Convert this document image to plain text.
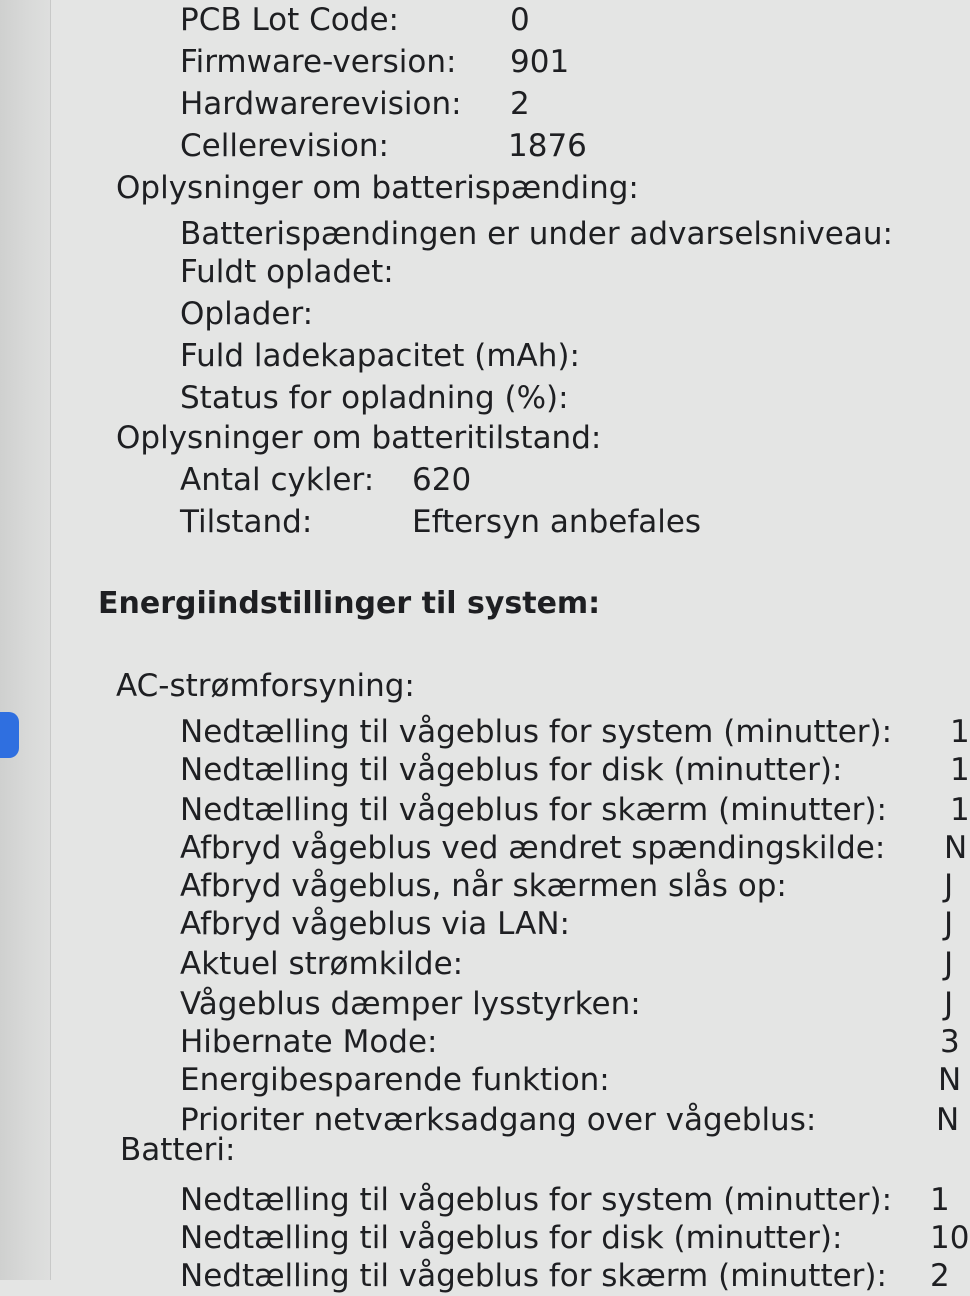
PCB Lot Code:	0
Firmware-version: 901
Hardwarerevision: 2
Cellerevision:	1876
Oplysninger om batterispænding:
Batterispændingen er under advarselsniveau:
Fuldt opladet:
Oplader:
Fuld ladekapacitet (mAh):
Status for opladning (%):
Oplysninger om batteritilstand:
Antal cykler: 620
Tilstand:	Eftersyn anbefales
Energiindstillinger til system:
AC-strømforsyning:
Nedtælling til vågeblus for system (minutter): 1
Nedtælling til vågeblus for disk (minutter):	1
Nedtælling til vågeblus for skærm (minutter): 1
Afbryd vågeblus ved ændret spændingskilde: N
Afbryd vågeblus, når skærmen slås op:	J
Afbryd vågeblus via LAN:	J
Aktuel strømkilde:	J
Vågeblus dæmper lysstyrken:	J
Hibernate Mode:	3
Energibesparende funktion:	N
Prioriter netværksadgang over vågeblus:	N
Batteri:
Nedtælling til vågeblus for system (minutter): 1
Nedtælling til vågeblus for disk (minutter):	10
Nedtælling til vågeblus for skærm (minutter): 2
